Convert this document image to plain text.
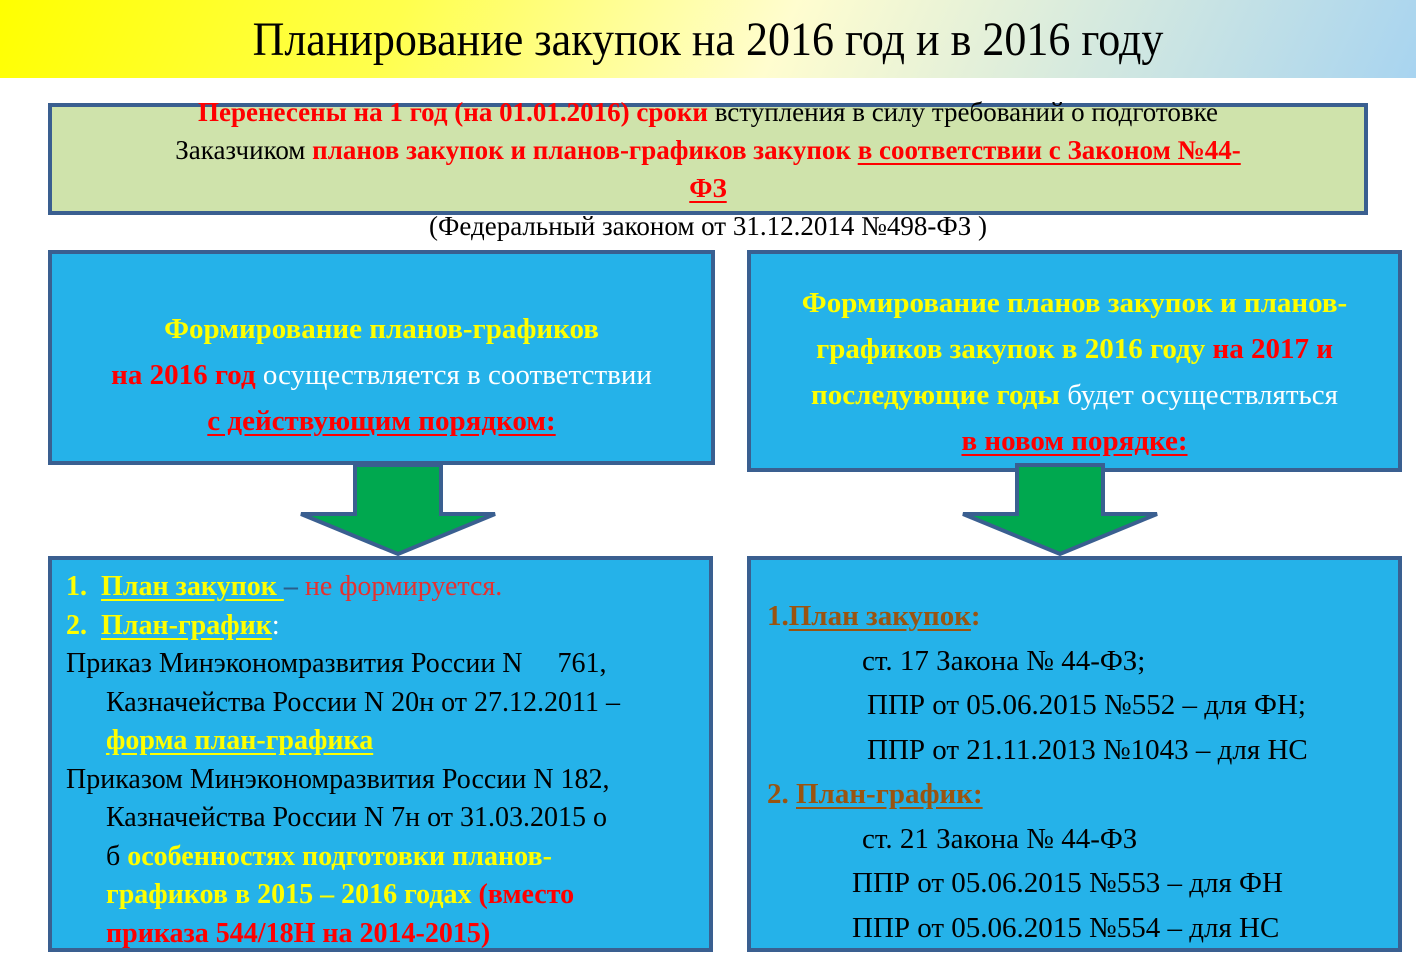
Планирование закупок на 2016 год и в 2016 году
Перенесены на 1 год (на 01.01.2016) сроки вступления в силу требований о подготовке
Заказчиком планов закупок и планов-графиков закупок в соответствии с Законом №44-
ФЗ
(Федеральный законом от 31.12.2014 №498-ФЗ )
Формирование планов-графиков
на 2016 год осуществляется в соответствии
с действующим порядком:
Формирование планов закупок и планов-
графиков закупок в 2016 году на 2017 и
последующие годы будет осуществляться
в новом порядке:
1.  План закупок – не формируется.
2.  План-график:
Приказ Минэкономразвития России N     761,
Казначейства России N 20н от 27.12.2011 –
форма план-графика
Приказом Минэкономразвития России N 182,
Казначейства России N 7н от 31.03.2015 о
б особенностях подготовки планов-
графиков в 2015 – 2016 годах (вместо
приказа 544/18Н на 2014-2015)
1.План закупок:
ст. 17 Закона № 44-ФЗ;
ППР от 05.06.2015 №552 – для ФН;
ППР от 21.11.2013 №1043 – для НС
2. План-график:
ст. 21 Закона № 44-ФЗ
ППР от 05.06.2015 №553 – для ФН
ППР от 05.06.2015 №554 – для НС
